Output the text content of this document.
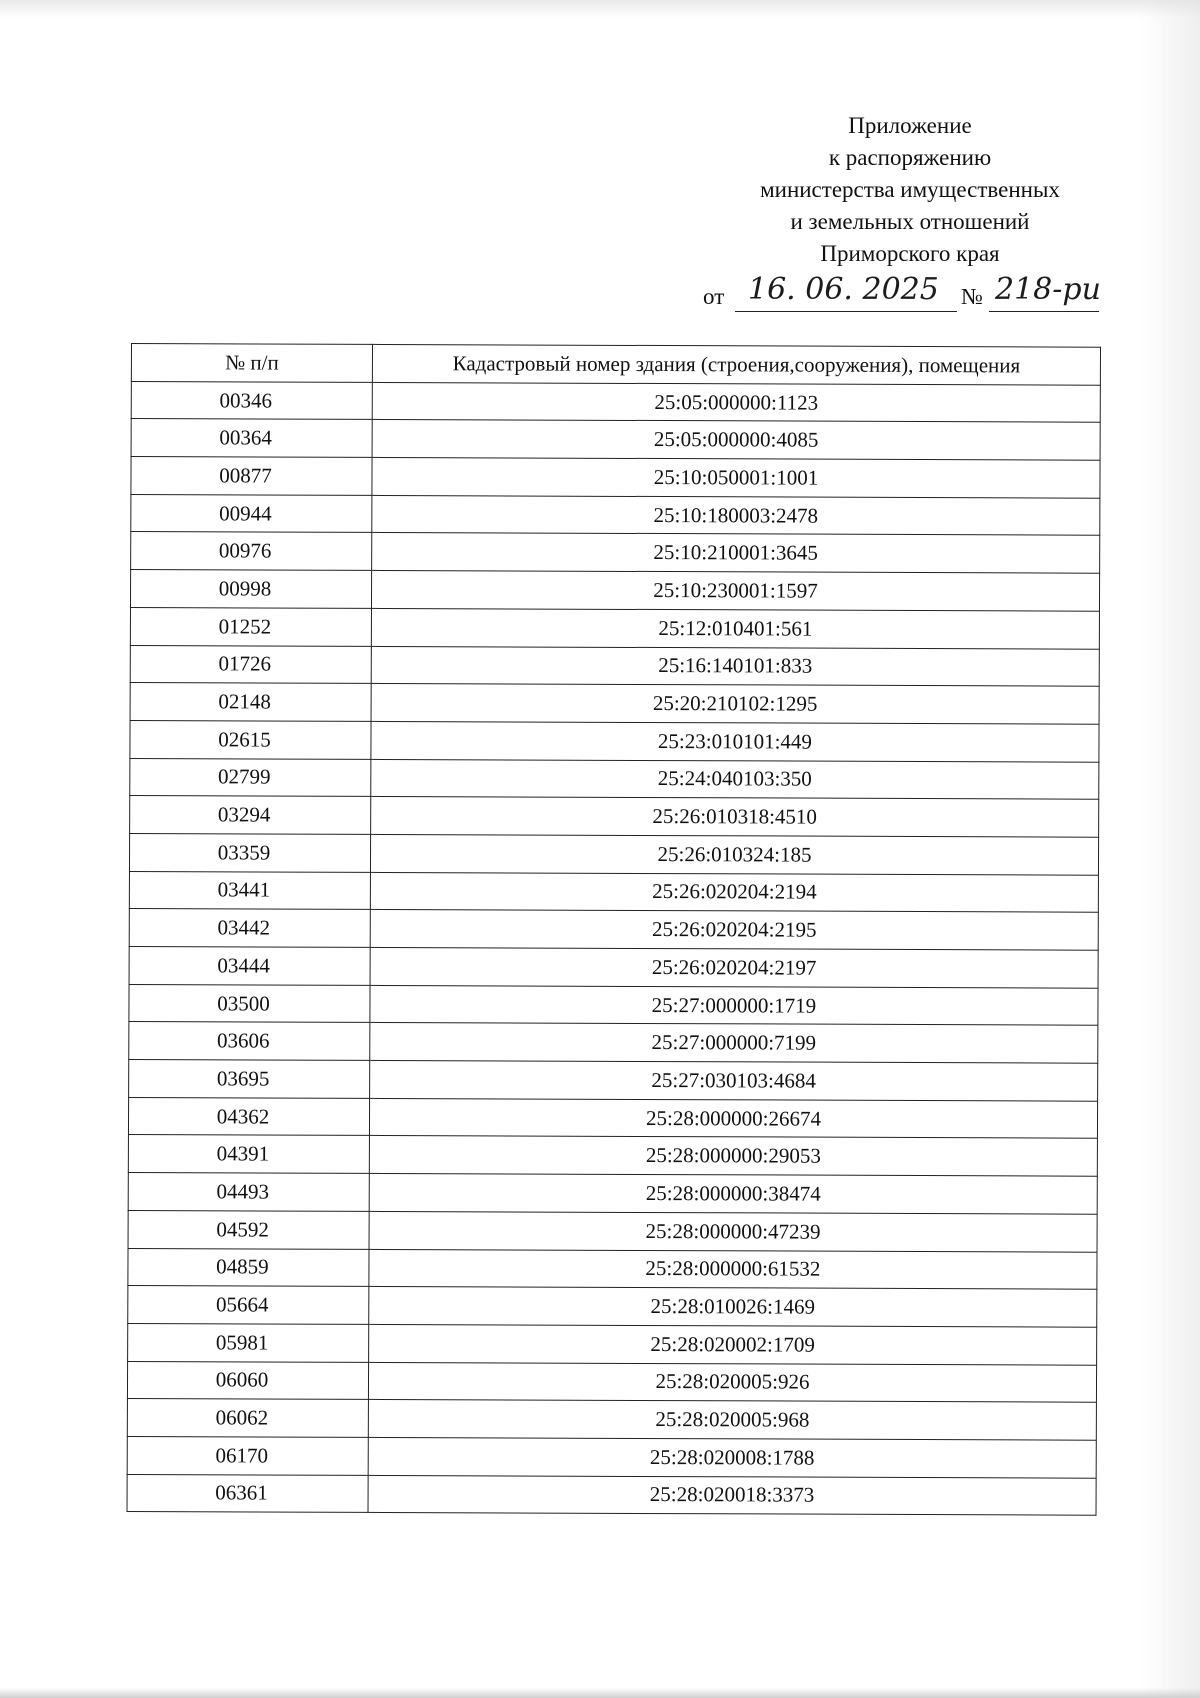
Приложение
к распоряжению
министерства имущественных
и земельных отношений
Приморского края
от 16. 06. 2025 № 218-ри
№ п/п	Кадастровый номер здания (строения,сооружения), помещения
00346	25:05:000000:1123
00364	25:05:000000:4085
00877	25:10:050001:1001
00944	25:10:180003:2478
00976	25:10:210001:3645
00998	25:10:230001:1597
01252	25:12:010401:561
01726	25:16:140101:833
02148	25:20:210102:1295
02615	25:23:010101:449
02799	25:24:040103:350
03294	25:26:010318:4510
03359	25:26:010324:185
03441	25:26:020204:2194
03442	25:26:020204:2195
03444	25:26:020204:2197
03500	25:27:000000:1719
03606	25:27:000000:7199
03695	25:27:030103:4684
04362	25:28:000000:26674
04391	25:28:000000:29053
04493	25:28:000000:38474
04592	25:28:000000:47239
04859	25:28:000000:61532
05664	25:28:010026:1469
05981	25:28:020002:1709
06060	25:28:020005:926
06062	25:28:020005:968
06170	25:28:020008:1788
06361	25:28:020018:3373
